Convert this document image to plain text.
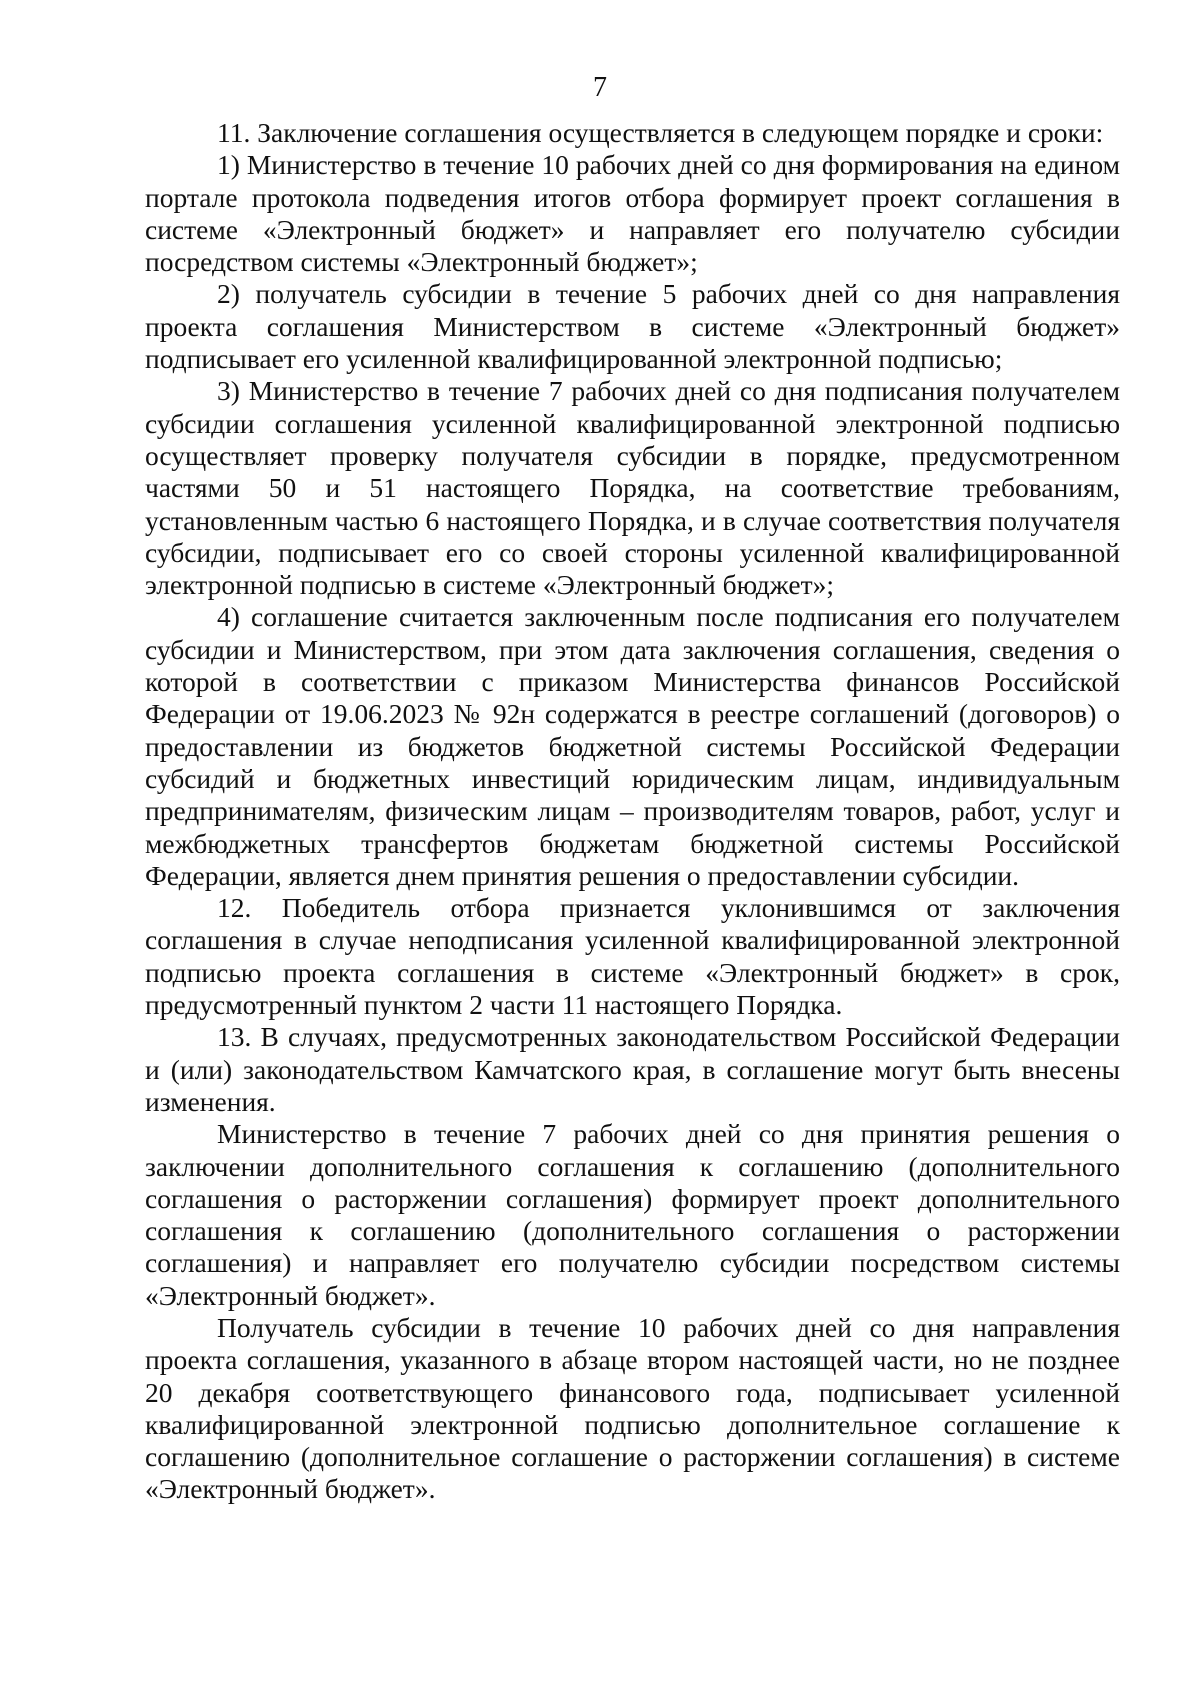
7

11. Заключение соглашения осуществляется в следующем порядке и сроки:

1) Министерство в течение 10 рабочих дней со дня формирования на едином портале протокола подведения итогов отбора формирует проект соглашения в системе «Электронный бюджет» и направляет его получателю субсидии посредством системы «Электронный бюджет»;

2) получатель субсидии в течение 5 рабочих дней со дня направления проекта соглашения Министерством в системе «Электронный бюджет» подписывает его усиленной квалифицированной электронной подписью;

3) Министерство в течение 7 рабочих дней со дня подписания получателем субсидии соглашения усиленной квалифицированной электронной подписью осуществляет проверку получателя субсидии в порядке, предусмотренном частями 50 и 51 настоящего Порядка, на соответствие требованиям, установленным частью 6 настоящего Порядка, и в случае соответствия получателя субсидии, подписывает его со своей стороны усиленной квалифицированной электронной подписью в системе «Электронный бюджет»;

4) соглашение считается заключенным после подписания его получателем субсидии и Министерством, при этом дата заключения соглашения, сведения о которой в соответствии с приказом Министерства финансов Российской Федерации от 19.06.2023 № 92н содержатся в реестре соглашений (договоров) о предоставлении из бюджетов бюджетной системы Российской Федерации субсидий и бюджетных инвестиций юридическим лицам, индивидуальным предпринимателям, физическим лицам – производителям товаров, работ, услуг и межбюджетных трансфертов бюджетам бюджетной системы Российской Федерации, является днем принятия решения о предоставлении субсидии.

12. Победитель отбора признается уклонившимся от заключения соглашения в случае неподписания усиленной квалифицированной электронной подписью проекта соглашения в системе «Электронный бюджет» в срок, предусмотренный пунктом 2 части 11 настоящего Порядка.

13. В случаях, предусмотренных законодательством Российской Федерации и (или) законодательством Камчатского края, в соглашение могут быть внесены изменения.

Министерство в течение 7 рабочих дней со дня принятия решения о заключении дополнительного соглашения к соглашению (дополнительного соглашения о расторжении соглашения) формирует проект дополнительного соглашения к соглашению (дополнительного соглашения о расторжении соглашения) и направляет его получателю субсидии посредством системы «Электронный бюджет».

Получатель субсидии в течение 10 рабочих дней со дня направления проекта соглашения, указанного в абзаце втором настоящей части, но не позднее 20 декабря соответствующего финансового года, подписывает усиленной квалифицированной электронной подписью дополнительное соглашение к соглашению (дополнительное соглашение о расторжении соглашения) в системе «Электронный бюджет».
